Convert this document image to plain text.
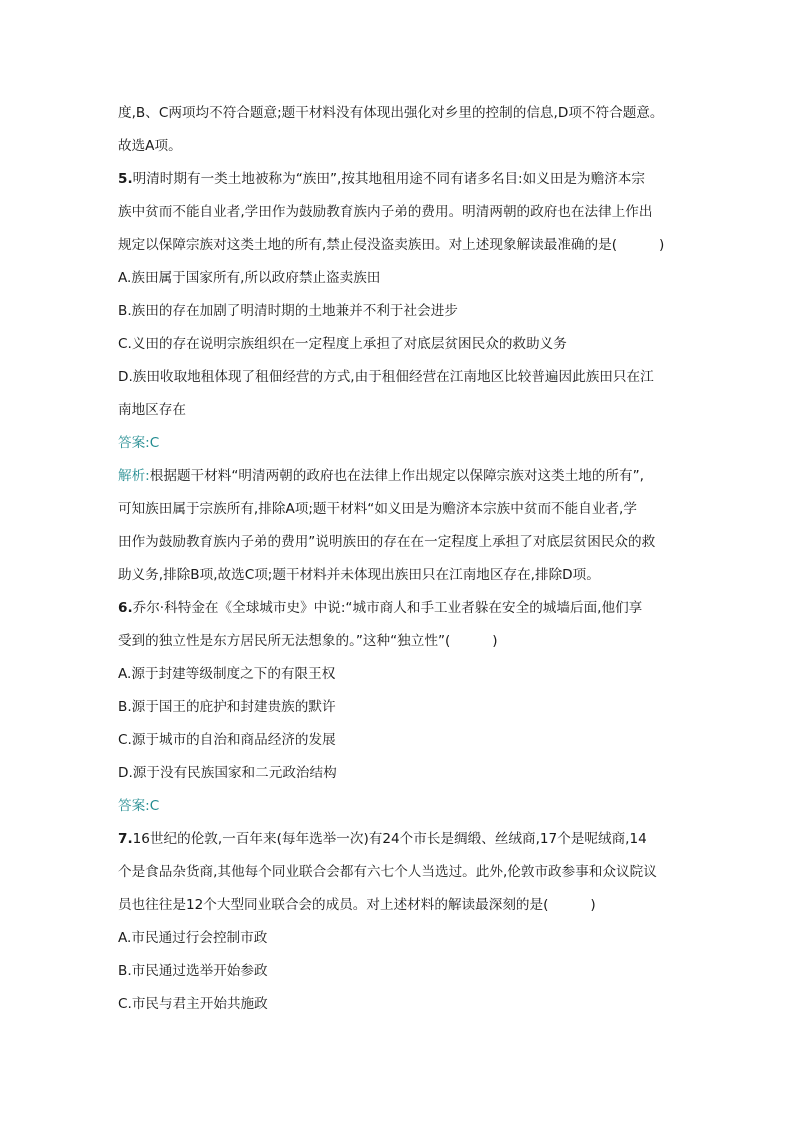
度,B、C两项均不符合题意;题干材料没有体现出强化对乡里的控制的信息,D项不符合题意。
故选A项。
5.明清时期有一类土地被称为“族田”,按其地租用途不同有诸多名目:如义田是为赡济本宗
族中贫而不能自业者,学田作为鼓励教育族内子弟的费用。明清两朝的政府也在法律上作出
规定以保障宗族对这类土地的所有,禁止侵没盗卖族田。对上述现象解读最准确的是(	)
A.族田属于国家所有,所以政府禁止盗卖族田
B.族田的存在加剧了明清时期的土地兼并不利于社会进步
C.义田的存在说明宗族组织在一定程度上承担了对底层贫困民众的救助义务
D.族田收取地租体现了租佃经营的方式,由于租佃经营在江南地区比较普遍因此族田只在江
南地区存在
答案:C
解析:根据题干材料“明清两朝的政府也在法律上作出规定以保障宗族对这类土地的所有”,
可知族田属于宗族所有,排除A项;题干材料“如义田是为赡济本宗族中贫而不能自业者,学
田作为鼓励教育族内子弟的费用”说明族田的存在在一定程度上承担了对底层贫困民众的救
助义务,排除B项,故选C项;题干材料并未体现出族田只在江南地区存在,排除D项。
6.乔尔·科特金在《全球城市史》中说:“城市商人和手工业者躲在安全的城墙后面,他们享
受到的独立性是东方居民所无法想象的。”这种“独立性”(	)
A.源于封建等级制度之下的有限王权
B.源于国王的庇护和封建贵族的默许
C.源于城市的自治和商品经济的发展
D.源于没有民族国家和二元政治结构
答案:C
7.16世纪的伦敦,一百年来(每年选举一次)有24个市长是绸缎、丝绒商,17个是呢绒商,14
个是食品杂货商,其他每个同业联合会都有六七个人当选过。此外,伦敦市政参事和众议院议
员也往往是12个大型同业联合会的成员。对上述材料的解读最深刻的是(	)
A.市民通过行会控制市政
B.市民通过选举开始参政
C.市民与君主开始共施政
